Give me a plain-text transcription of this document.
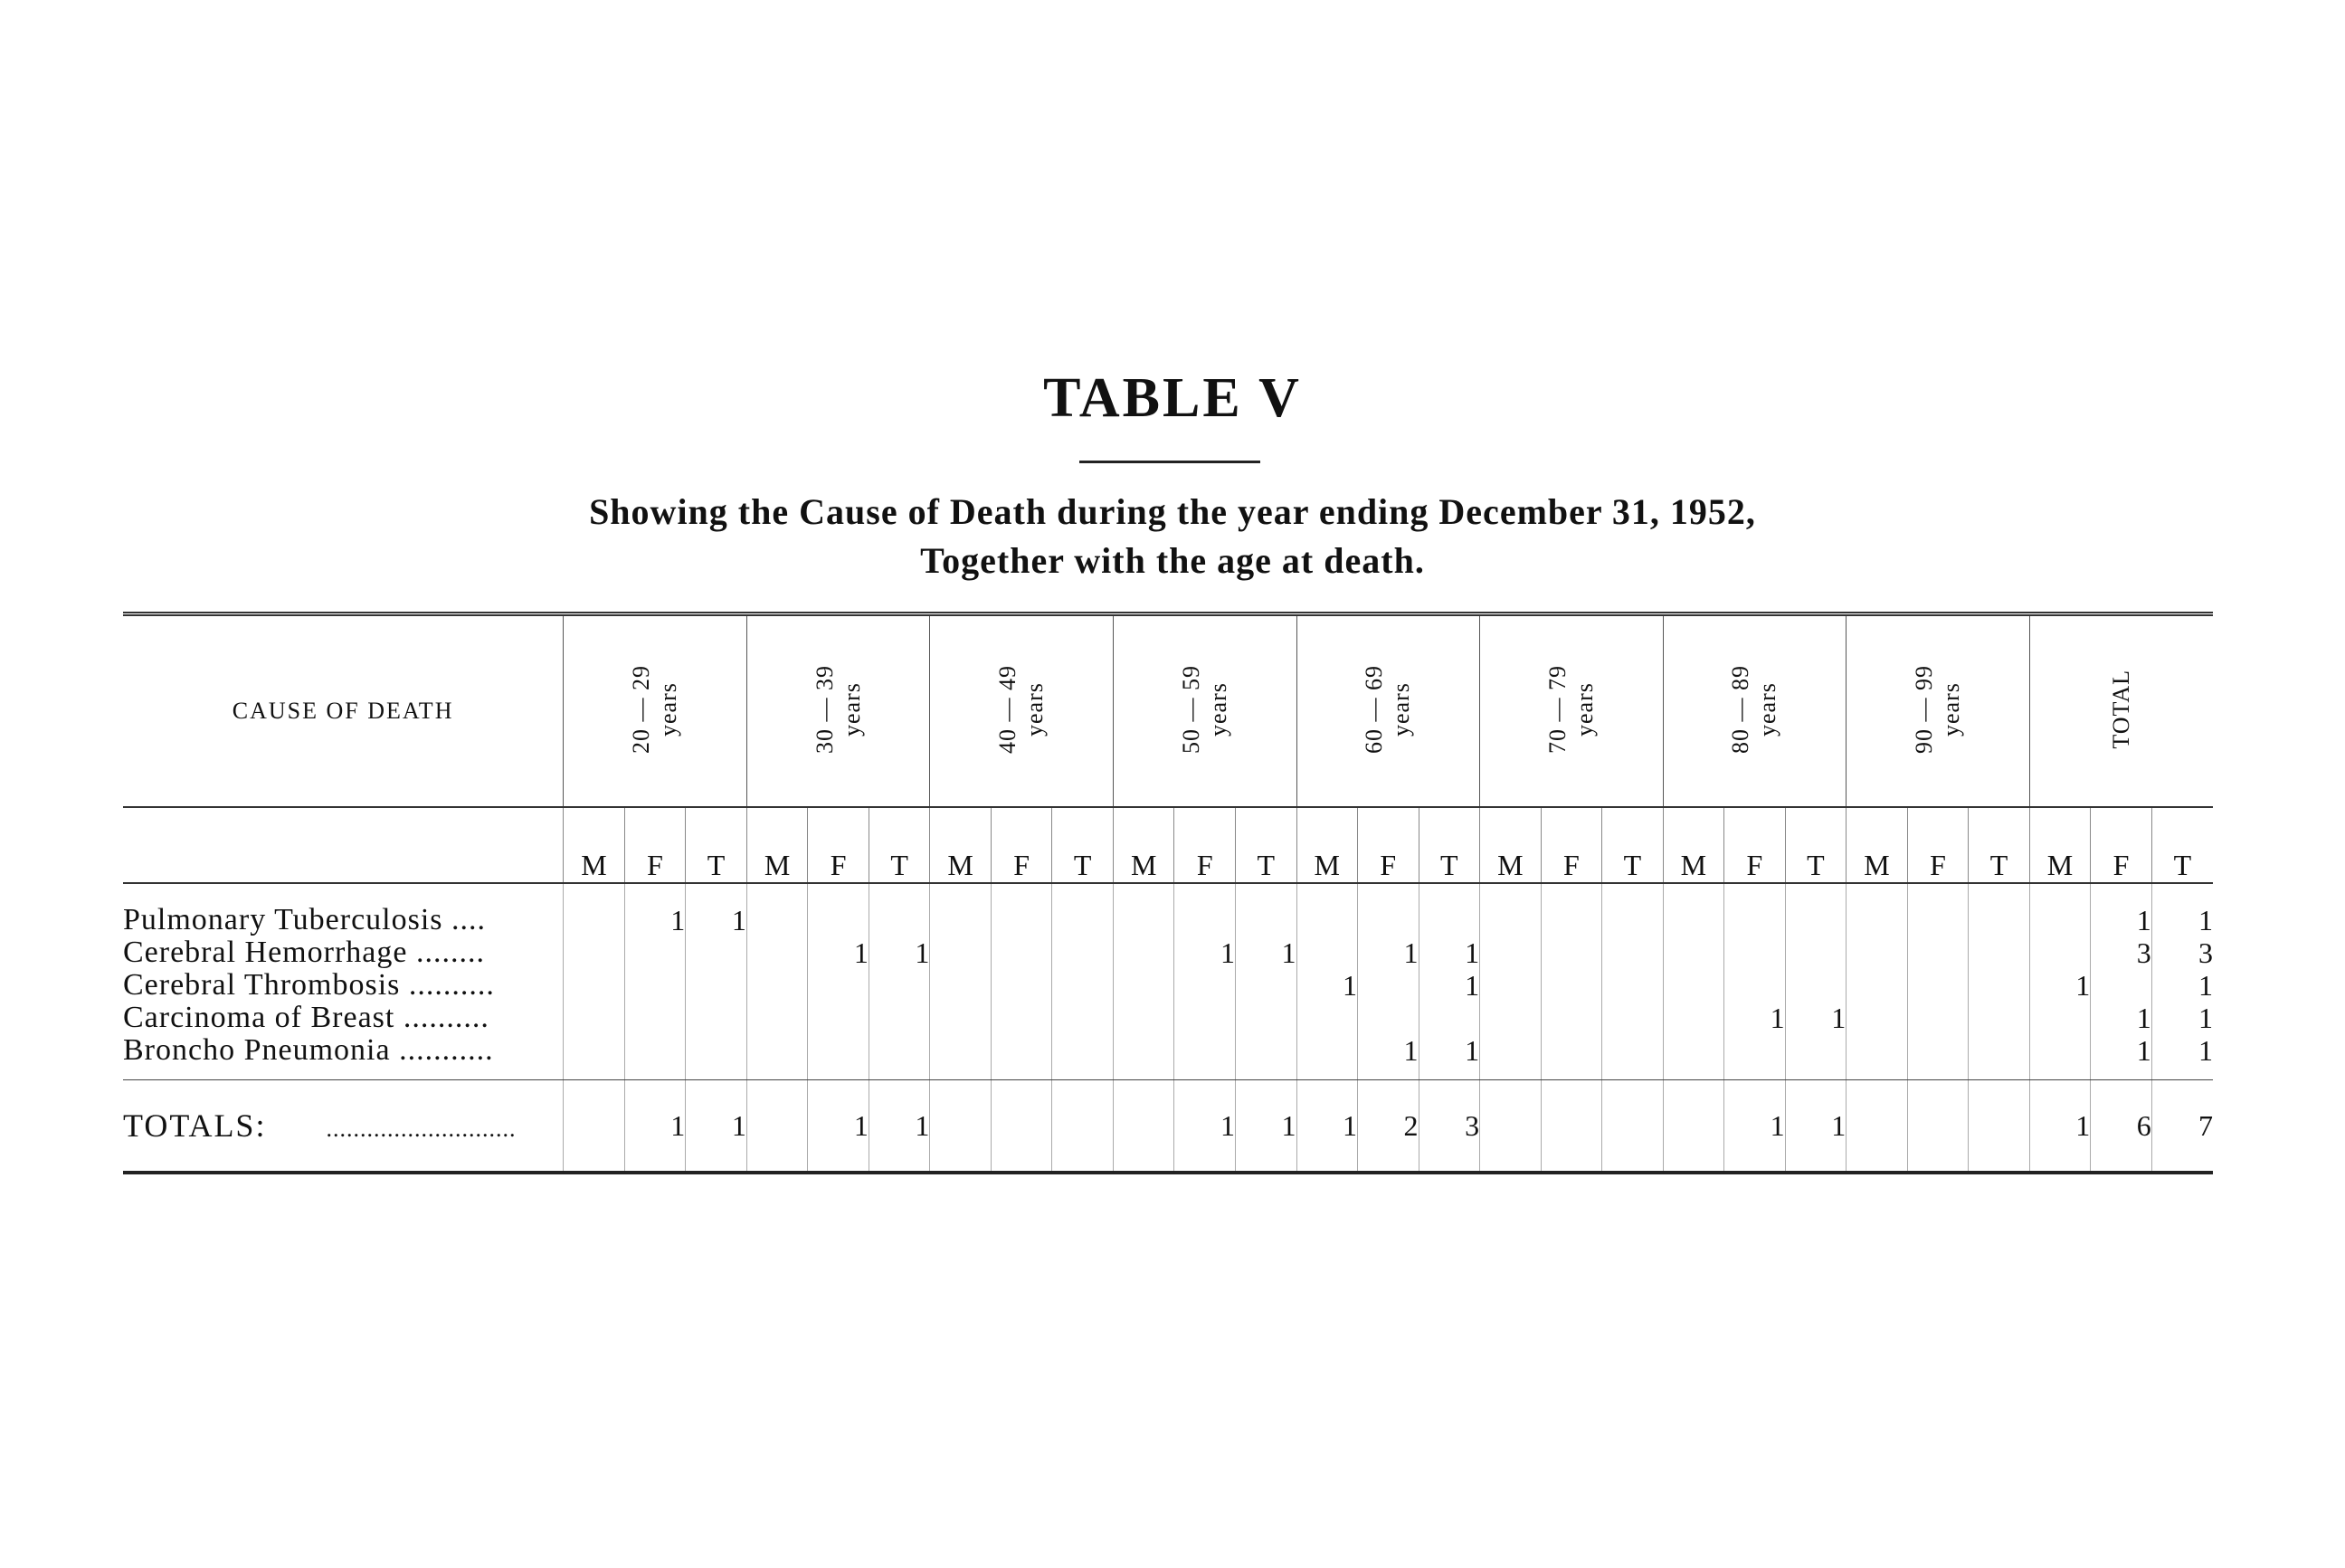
TABLE V
Showing the Cause of Death during the year ending December 31, 1952,
Together with the age at death.
CAUSE OF DEATH	20 — 29 years			30 — 39 years			40 — 49 years			50 — 59 years			60 — 69 years			70 — 79 years			80 — 89 years			90 — 99 years			TOTAL		
	M	F	T	M	F	T	M	F	T	M	F	T	M	F	T	M	F	T	M	F	T	M	F	T	M	F	T
Pulmonary Tuberculosis ....		1	1																							1	1
Cerebral Hemorrhage ........					1	1					1	1		1	1											3	3
Cerebral Thrombosis ..........													1		1										1		1
Carcinoma of Breast ..........																				1	1					1	1
Broncho Pneumonia ...........														1	1											1	1
TOTALS: ............................		1	1		1	1					1	1	1	2	3					1	1				1	6	7
